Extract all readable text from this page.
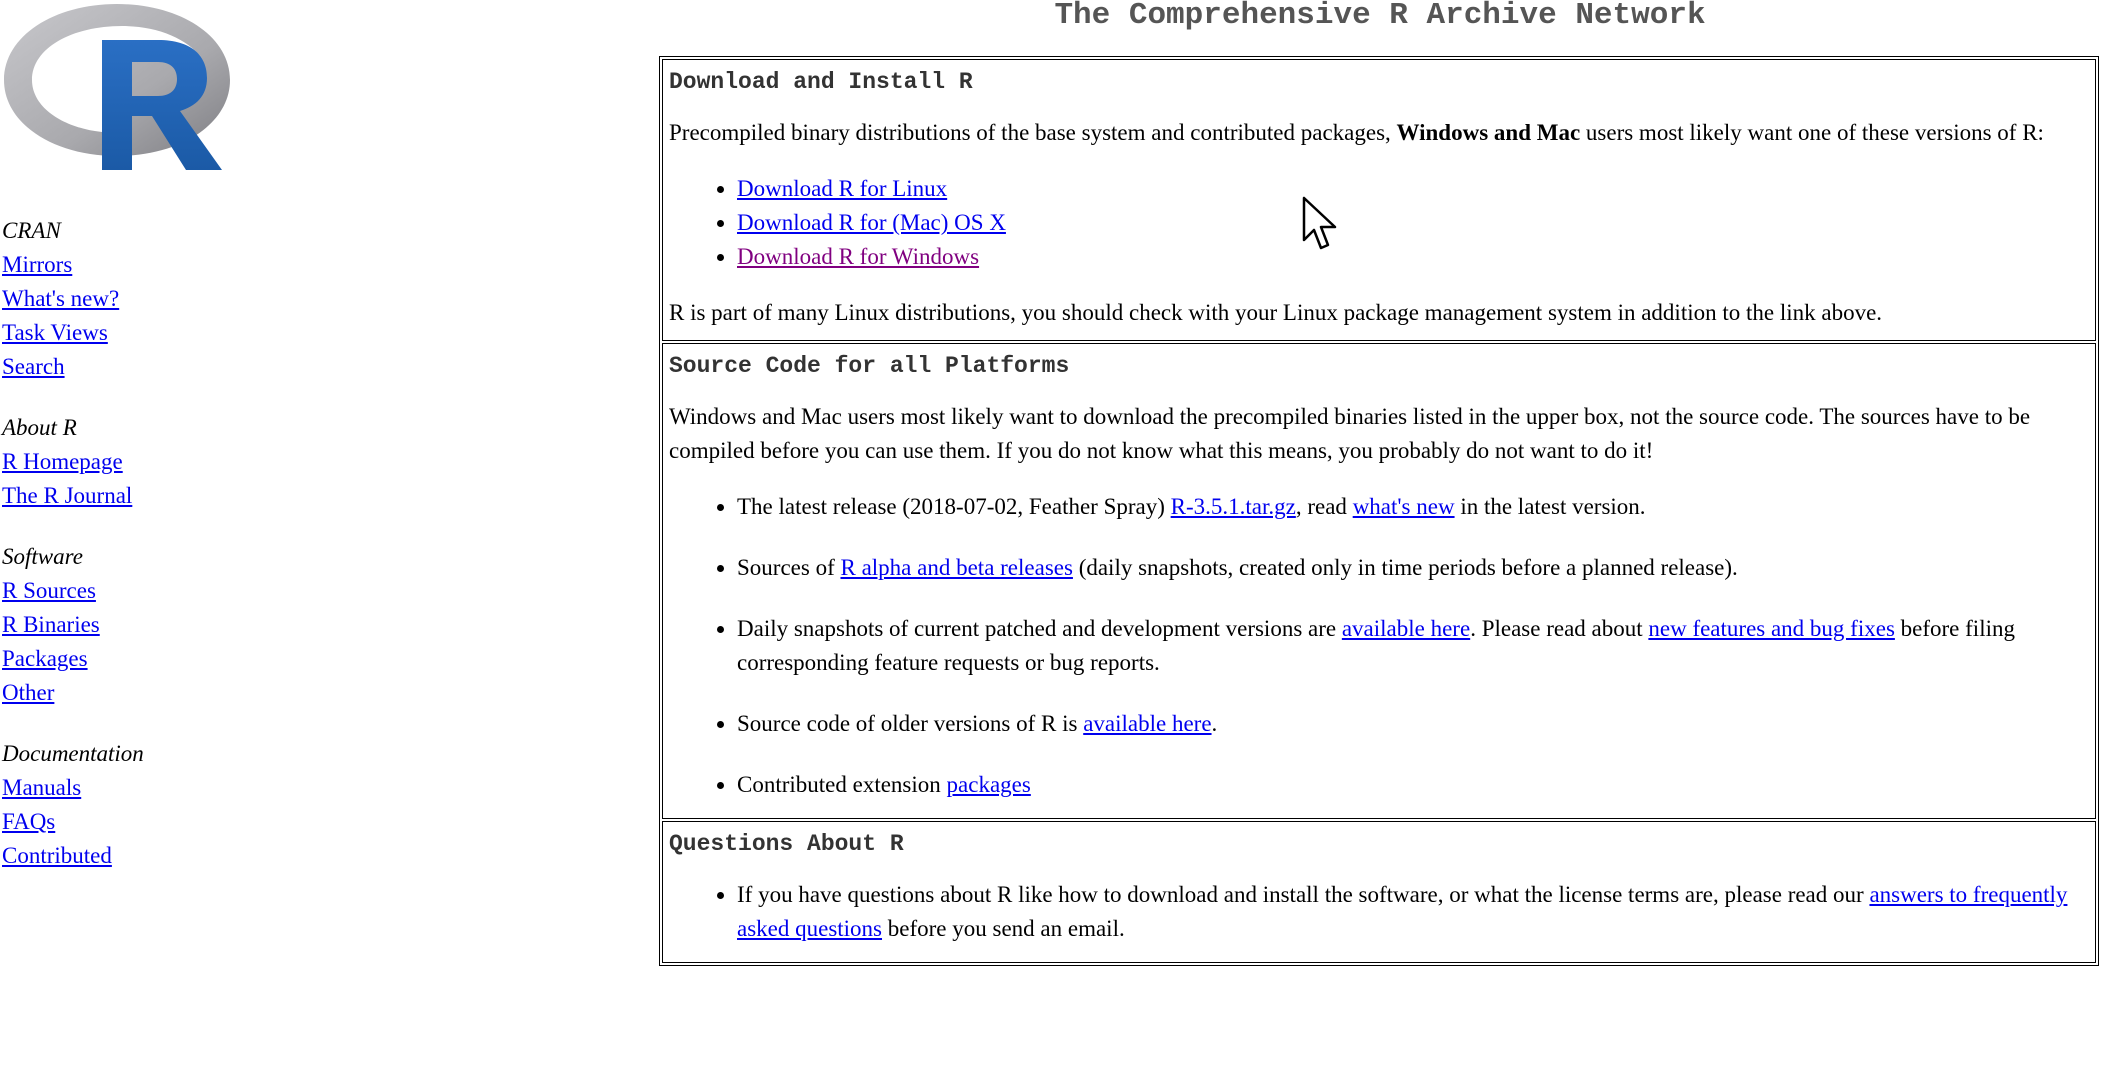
CRAN
Mirrors
What's new?
Task Views
Search
About R
R Homepage
The R Journal
Software
R Sources
R Binaries
Packages
Other
Documentation
Manuals
FAQs
Contributed
The Comprehensive R Archive Network
Download and Install R

Precompiled binary distributions of the base system and contributed packages, Windows and Mac users most likely want one of these versions of R:

• Download R for Linux
• Download R for (Mac) OS X
• Download R for Windows

R is part of many Linux distributions, you should check with your Linux package management system in addition to the link above.

Source Code for all Platforms

Windows and Mac users most likely want to download the precompiled binaries listed in the upper box, not the source code. The sources have to be compiled before you can use them. If you do not know what this means, you probably do not want to do it!

• The latest release (2018-07-02, Feather Spray) R-3.5.1.tar.gz, read what's new in the latest version.
• Sources of R alpha and beta releases (daily snapshots, created only in time periods before a planned release).
• Daily snapshots of current patched and development versions are available here. Please read about new features and bug fixes before filing corresponding feature requests or bug reports.
• Source code of older versions of R is available here.
• Contributed extension packages
Questions About R
• If you have questions about R like how to download and install the software, or what the license terms are, please read our answers to frequently asked questions before you send an email.
